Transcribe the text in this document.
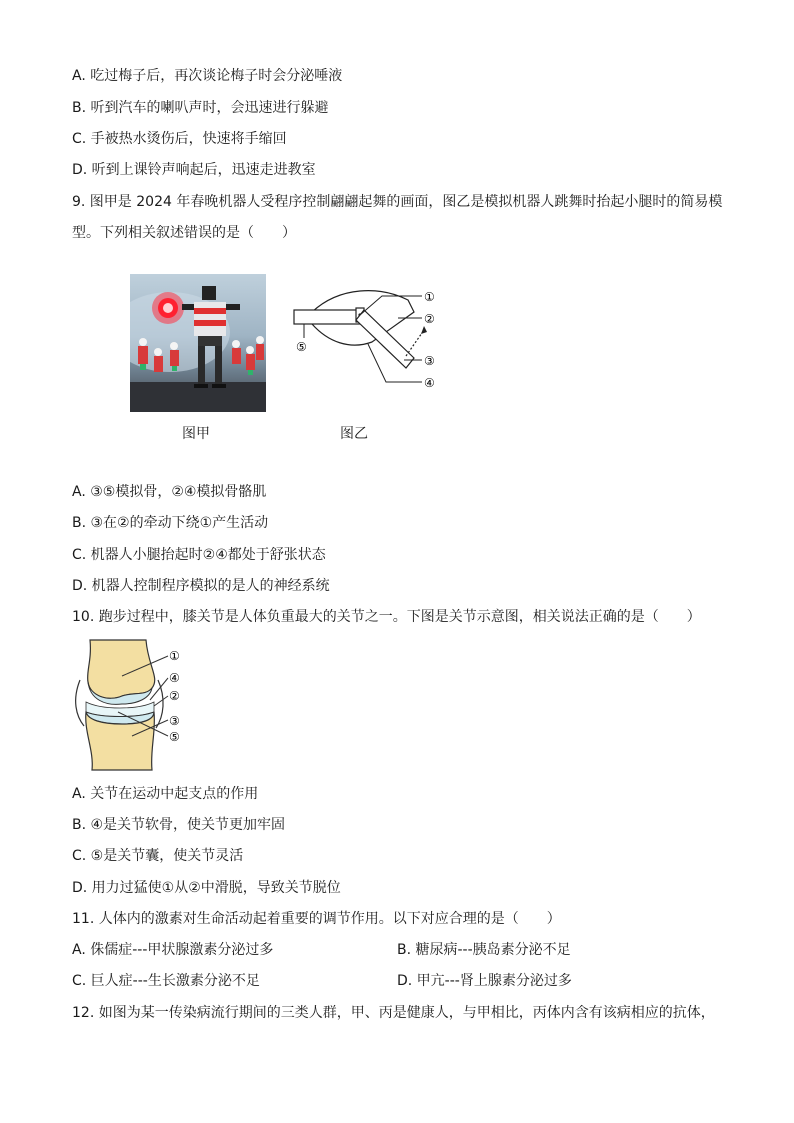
A. 吃过梅子后，再次谈论梅子时会分泌唾液
B. 听到汽车的喇叭声时，会迅速进行躲避
C. 手被热水烫伤后，快速将手缩回
D. 听到上课铃声响起后，迅速走进教室
9. 图甲是 2024 年春晚机器人受程序控制翩翩起舞的画面，图乙是模拟机器人跳舞时抬起小腿时的简易模
型。下列相关叙述错误的是（　　）
图甲
①
②
③
④
⑤
图乙
A. ③⑤模拟骨，②④模拟骨骼肌
B. ③在②的牵动下绕①产生活动
C. 机器人小腿抬起时②④都处于舒张状态
D. 机器人控制程序模拟的是人的神经系统
10. 跑步过程中，膝关节是人体负重最大的关节之一。下图是关节示意图，相关说法正确的是（　　）
①
④
②
③
⑤
A. 关节在运动中起支点的作用
B. ④是关节软骨，使关节更加牢固
C. ⑤是关节囊，使关节灵活
D. 用力过猛使①从②中滑脱，导致关节脱位
11. 人体内的激素对生命活动起着重要的调节作用。以下对应合理的是（　　）
A. 侏儒症---甲状腺激素分泌过多	B. 糖尿病---胰岛素分泌不足
C. 巨人症---生长激素分泌不足	D. 甲亢---肾上腺素分泌过多
12. 如图为某一传染病流行期间的三类人群，甲、丙是健康人，与甲相比，丙体内含有该病相应的抗体，
